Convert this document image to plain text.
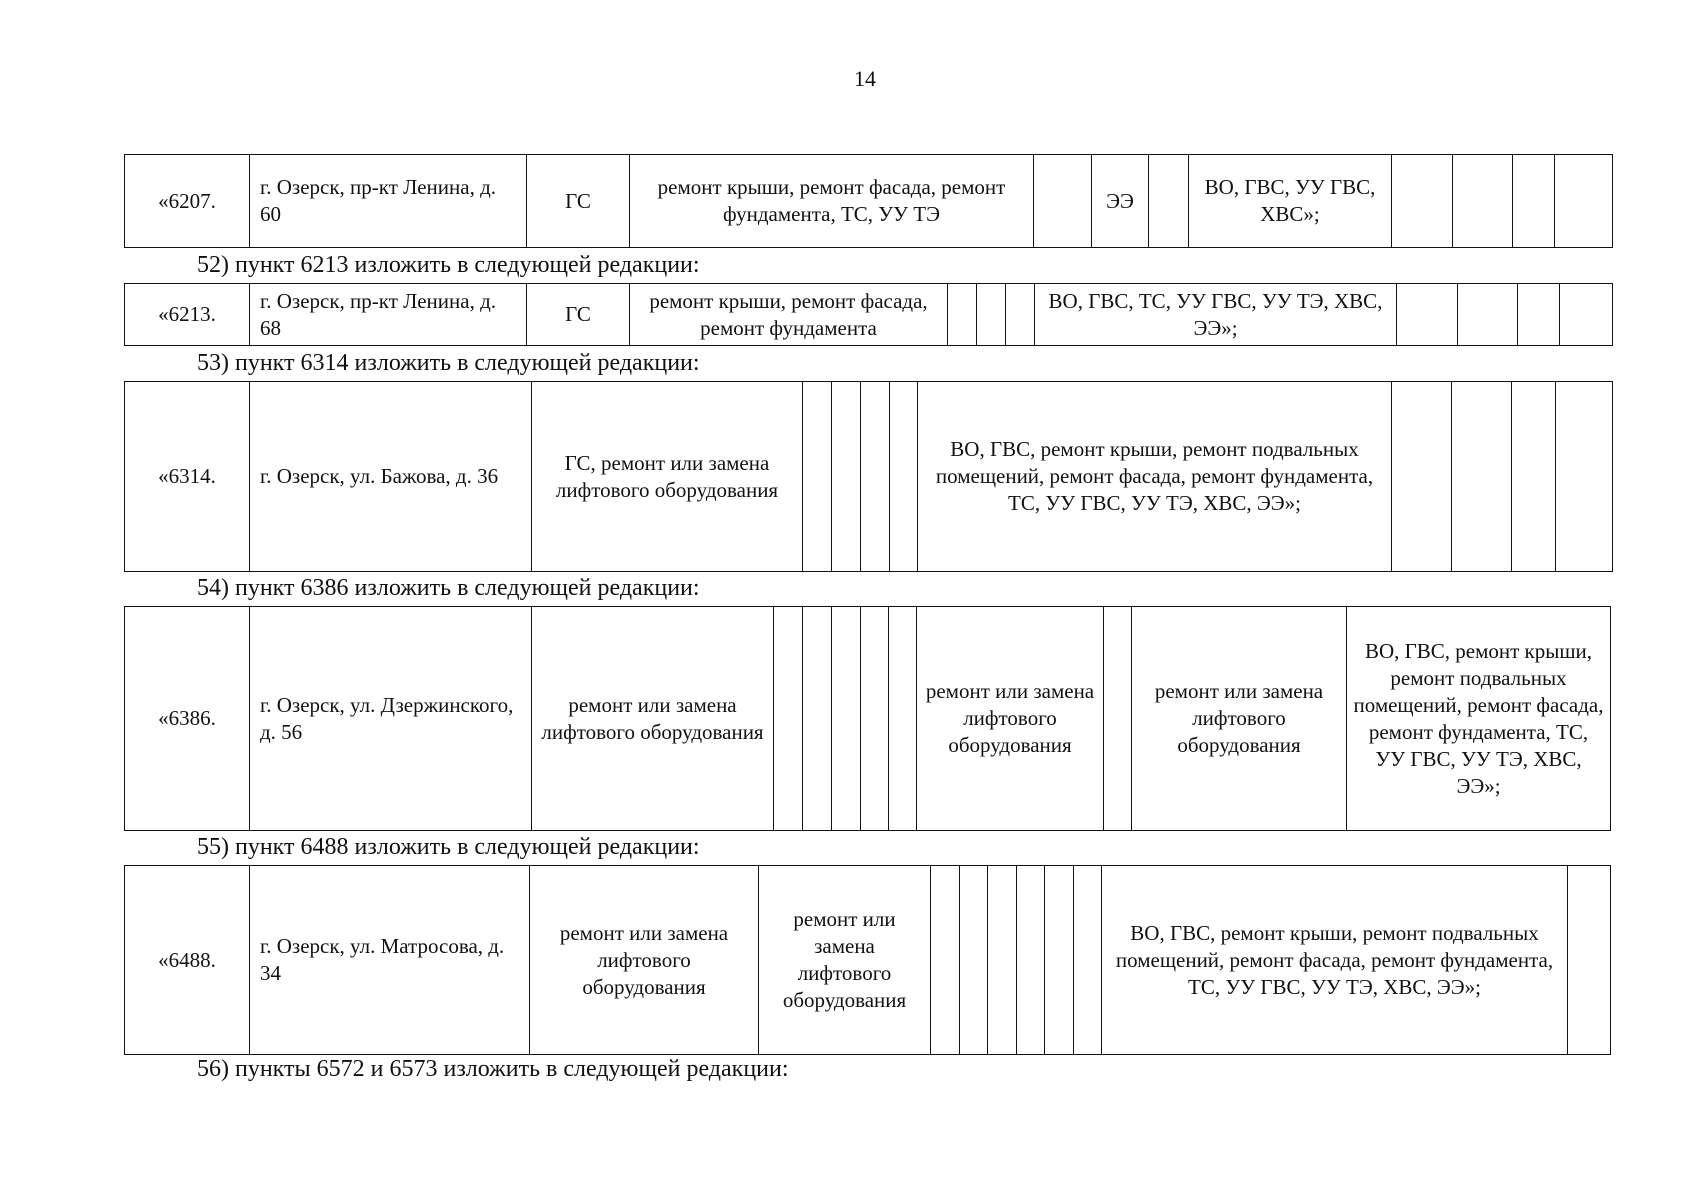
14
«6207.	г. Озерск, пр-кт Ленина, д. 60	ГС	ремонт крыши, ремонт фасада, ремонт фундамента, ТС, УУ ТЭ		ЭЭ		ВО, ГВС, УУ ГВС, ХВС»;				
52) пункт 6213 изложить в следующей редакции:
«6213.	г. Озерск, пр-кт Ленина, д. 68	ГС	ремонт крыши, ремонт фасада, ремонт фундамента				ВО, ГВС, ТС, УУ ГВС, УУ ТЭ, ХВС, ЭЭ»;				
53) пункт 6314 изложить в следующей редакции:
«6314.	г. Озерск, ул. Бажова, д. 36	ГС, ремонт или замена лифтового оборудования					ВО, ГВС, ремонт крыши, ремонт подвальных помещений, ремонт фасада, ремонт фундамента, ТС, УУ ГВС, УУ ТЭ, ХВС, ЭЭ»;				
54) пункт 6386 изложить в следующей редакции:
«6386.	г. Озерск, ул. Дзержинского, д. 56	ремонт или замена лифтового оборудования						ремонт или замена лифтового оборудования		ремонт или замена лифтового оборудования	ВО, ГВС, ремонт крыши, ремонт подвальных помещений, ремонт фасада, ремонт фундамента, ТС, УУ ГВС, УУ ТЭ, ХВС, ЭЭ»;
55) пункт 6488 изложить в следующей редакции:
«6488.	г. Озерск, ул. Матросова, д. 34	ремонт или замена лифтового оборудования	ремонт или замена лифтового оборудования							ВО, ГВС, ремонт крыши, ремонт подвальных помещений, ремонт фасада, ремонт фундамента, ТС, УУ ГВС, УУ ТЭ, ХВС, ЭЭ»;	
56) пункты 6572 и 6573 изложить в следующей редакции:
